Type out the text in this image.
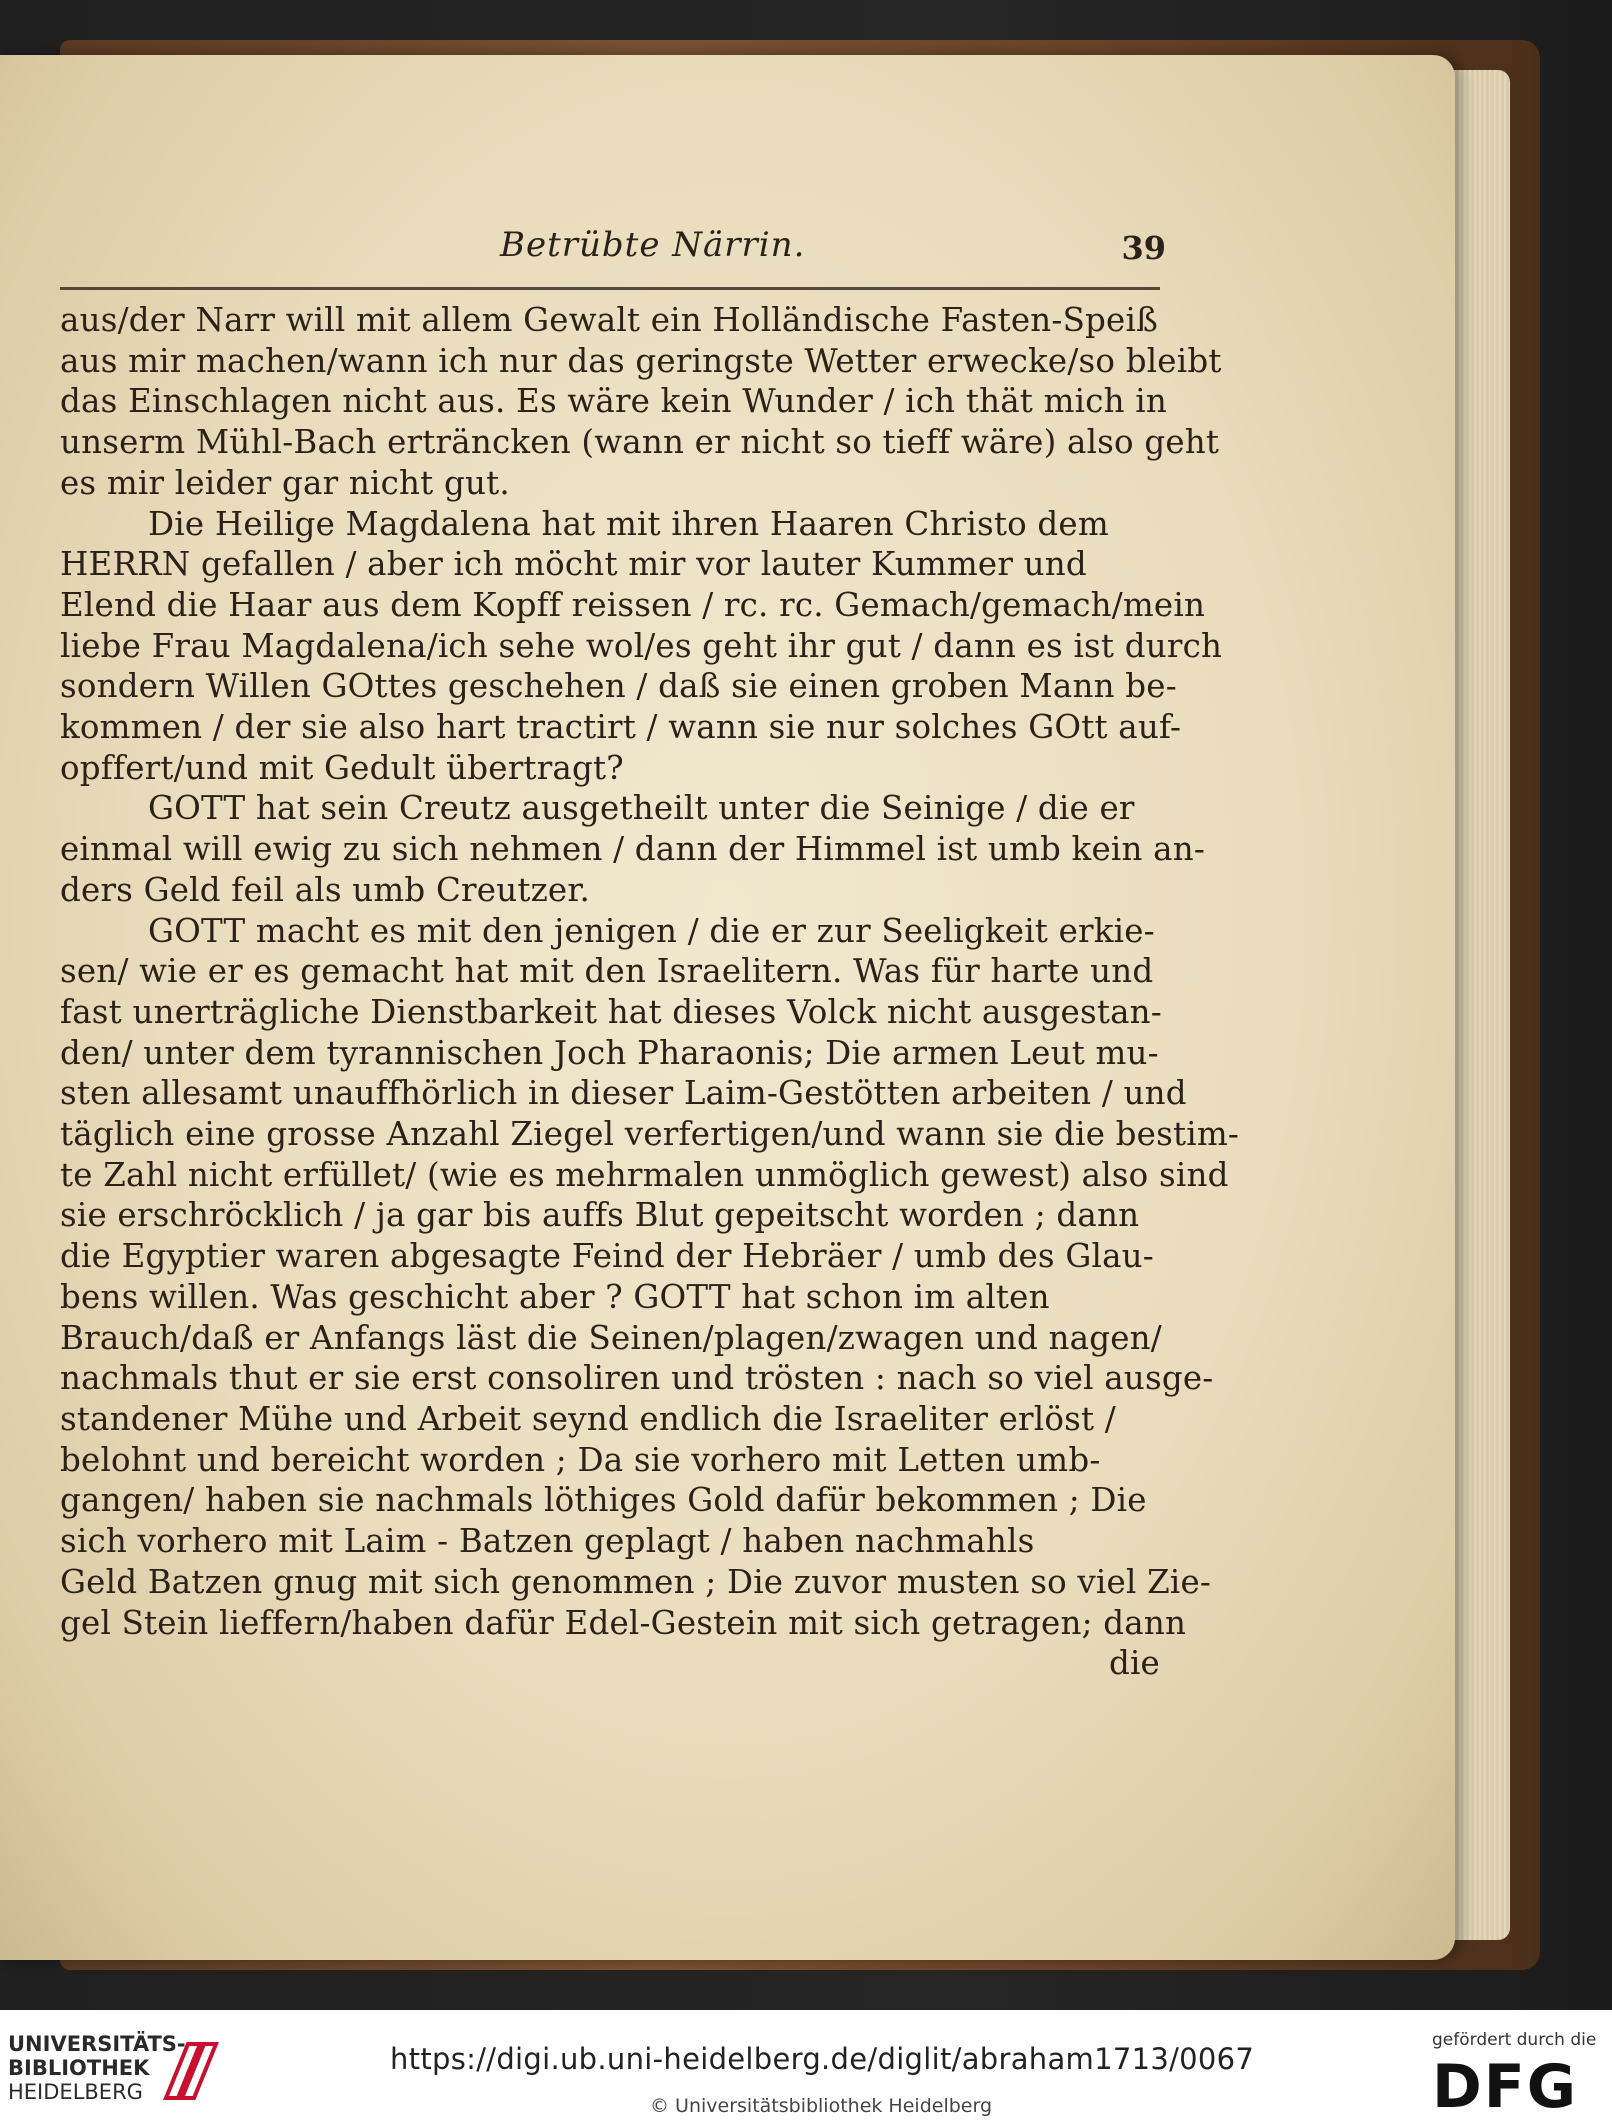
Betrübte Närrin.	39
aus/der Narr will mit allem Gewalt ein Holländische Fasten-Speiß
aus mir machen/wann ich nur das geringste Wetter erwecke/so bleibt
das Einschlagen nicht aus. Es wäre kein Wunder / ich thät mich in
unserm Mühl-Bach erträncken (wann er nicht so tieff wäre) also geht
es mir leider gar nicht gut.
Die Heilige Magdalena hat mit ihren Haaren Christo dem
HERRN gefallen / aber ich möcht mir vor lauter Kummer und
Elend die Haar aus dem Kopff reissen / rc. rc. Gemach/gemach/mein
liebe Frau Magdalena/ich sehe wol/es geht ihr gut / dann es ist durch
sondern Willen GOttes geschehen / daß sie einen groben Mann be-
kommen / der sie also hart tractirt / wann sie nur solches GOtt auf-
opffert/und mit Gedult übertragt?
GOTT hat sein Creutz ausgetheilt unter die Seinige / die er
einmal will ewig zu sich nehmen / dann der Himmel ist umb kein an-
ders Geld feil als umb Creutzer.
GOTT macht es mit den jenigen / die er zur Seeligkeit erkie-
sen/ wie er es gemacht hat mit den Israelitern. Was für harte und
fast unerträgliche Dienstbarkeit hat dieses Volck nicht ausgestan-
den/ unter dem tyrannischen Joch Pharaonis; Die armen Leut mu-
sten allesamt unauffhörlich in dieser Laim-Gestötten arbeiten / und
täglich eine grosse Anzahl Ziegel verfertigen/und wann sie die bestim-
te Zahl nicht erfüllet/ (wie es mehrmalen unmöglich gewest) also sind
sie erschröcklich / ja gar bis auffs Blut gepeitscht worden ; dann
die Egyptier waren abgesagte Feind der Hebräer / umb des Glau-
bens willen. Was geschicht aber ? GOTT hat schon im alten
Brauch/daß er Anfangs läst die Seinen/plagen/zwagen und nagen/
nachmals thut er sie erst consoliren und trösten : nach so viel ausge-
standener Mühe und Arbeit seynd endlich die Israeliter erlöst /
belohnt und bereicht worden ; Da sie vorhero mit Letten umb-
gangen/ haben sie nachmals löthiges Gold dafür bekommen ; Die
sich vorhero mit Laim - Batzen geplagt / haben nachmahls
Geld Batzen gnug mit sich genommen ; Die zuvor musten so viel Zie-
gel Stein lieffern/haben dafür Edel-Gestein mit sich getragen; dann
die
UNIVERSITÄTS-
BIBLIOTHEK
HEIDELBERG
https://digi.ub.uni-heidelberg.de/diglit/abraham1713/0067
© Universitätsbibliothek Heidelberg
gefördert durch die
DFG
